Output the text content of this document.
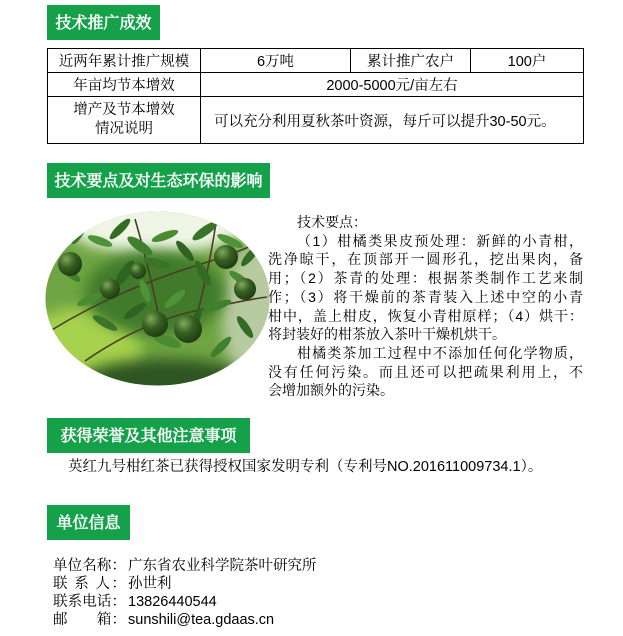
技术推广成效
近两年累计推广规模	6万吨	累计推广农户	100户
年亩均节本增效	2000-5000元/亩左右		

增产及节本增效
情况说明	可以充分利用夏秋茶叶资源，每斤可以提升30-50元。		
技术要点及对生态环保的影响
技术要点：
（1）柑橘类果皮预处理：新鲜的小青柑，
洗净晾干，在顶部开一圆形孔，挖出果肉，备
用；（2）茶青的处理：根据茶类制作工艺来制
作；（3）将干燥前的茶青装入上述中空的小青
柑中，盖上柑皮，恢复小青柑原样；（4）烘干：
将封装好的柑茶放入茶叶干燥机烘干。
柑橘类茶加工过程中不添加任何化学物质，
没有任何污染。而且还可以把疏果利用上，不
会增加额外的污染。
获得荣誉及其他注意事项
英红九号柑红茶已获得授权国家发明专利（专利号NO.201611009734.1）。
单位信息
单位名称： 广东省农业科学院茶叶研究所
联 系 人： 孙世利
联系电话： 13826440544
邮　　箱： sunshili@tea.gdaas.cn
